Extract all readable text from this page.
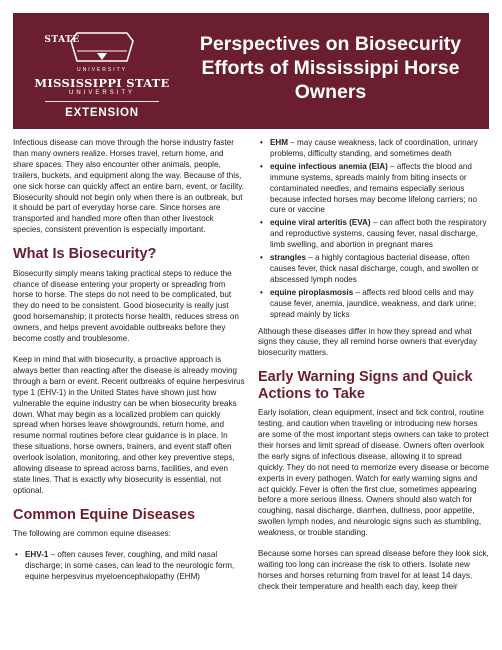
STATE
UNIVERSITY
MISSISSIPPI STATE
UNIVERSITY
EXTENSION
Perspectives on Biosecurity Efforts of Mississippi Horse Owners

Infectious disease can move through the horse industry faster than many owners realize. Horses travel, return home, and share spaces. They also encounter other animals, people, trailers, buckets, and equipment along the way. Because of this, one sick horse can quickly affect an entire barn, event, or facility. Biosecurity should not begin only when there is an outbreak, but it should be part of everyday horse care. Since horses are transported and handled more often than other livestock species, consistent prevention is especially important.

What Is Biosecurity?

Biosecurity simply means taking practical steps to reduce the chance of disease entering your property or spreading from horse to horse. The steps do not need to be complicated, but they do need to be consistent. Good biosecurity is really just good horsemanship; it protects horse health, reduces stress on owners, and helps prevent avoidable outbreaks before they become costly and troublesome.

Keep in mind that with biosecurity, a proactive approach is always better than reacting after the disease is already moving through a barn or event. Recent outbreaks of equine herpesvirus type 1 (EHV-1) in the United States have shown just how vulnerable the equine industry can be when biosecurity breaks down. What may begin as a localized problem can quickly spread when horses leave showgrounds, return home, and resume normal routines before clear guidance is in place. In these situations, horse owners, trainers, and event staff often overlook isolation, monitoring, and other key preventive steps, allowing disease to spread across barns, facilities, and even state lines. That is exactly why biosecurity is essential, not optional.

Common Equine Diseases

The following are common equine diseases:

• EHV-1 – often causes fever, coughing, and mild nasal discharge; in some cases, can lead to the neurologic form, equine herpesvirus myeloencephalopathy (EHM)
• EHM – may cause weakness, lack of coordination, urinary problems, difficulty standing, and sometimes death
• equine infectious anemia (EIA) – affects the blood and immune systems, spreads mainly from biting insects or contaminated needles, and remains especially serious because infected horses may become lifelong carriers; no cure or vaccine
• equine viral arteritis (EVA) – can affect both the respiratory and reproductive systems, causing fever, nasal discharge, limb swelling, and abortion in pregnant mares
• strangles – a highly contagious bacterial disease, often causes fever, thick nasal discharge, cough, and swollen or abscessed lymph nodes
• equine piroplasmosis – affects red blood cells and may cause fever, anemia, jaundice, weakness, and dark urine; spread mainly by ticks

Although these diseases differ in how they spread and what signs they cause, they all remind horse owners that everyday biosecurity matters.

Early Warning Signs and Quick Actions to Take

Early isolation, clean equipment, insect and tick control, routine testing, and caution when traveling or introducing new horses are some of the most important steps owners can take to protect their horses and limit spread of disease. Owners often overlook the early signs of infectious disease, allowing it to spread quickly. They do not need to memorize every disease or become experts in every pathogen. Watch for early warning signs and act quickly. Fever is often the first clue, sometimes appearing before a more serious illness. Owners should also watch for coughing, nasal discharge, diarrhea, dullness, poor appetite, swollen lymph nodes, and neurologic signs such as stumbling, weakness, or trouble standing.

Because some horses can spread disease before they look sick, waiting too long can increase the risk to others. Isolate new horses and horses returning from travel for at least 14 days, check their temperature and health each day, keep their
